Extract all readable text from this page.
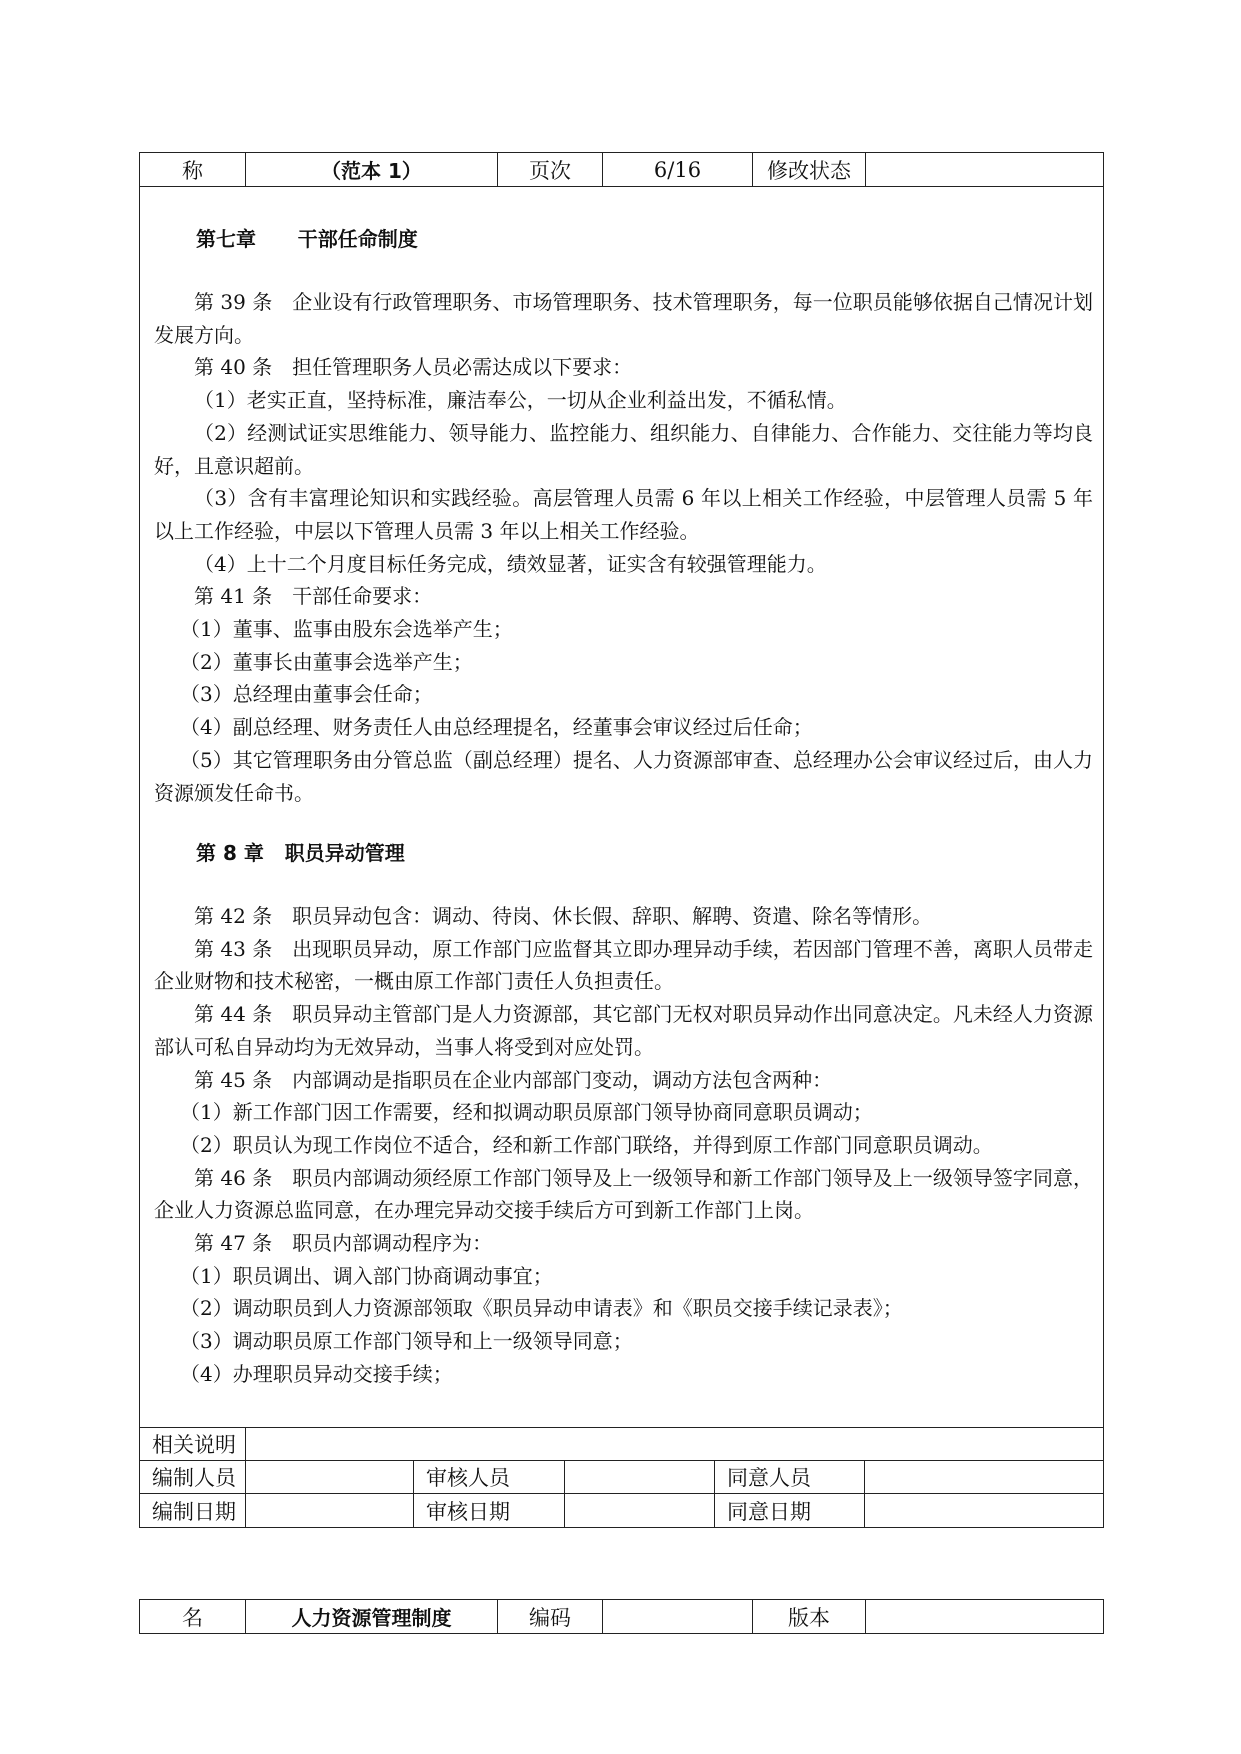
称	（范本 1）	页次	6/16	修改状态
第七章 干部任命制度

第 39 条　企业设有行政管理职务、市场管理职务、技术管理职务，每一位职员能够依据自己情况计划发展方向。

第 40 条　担任管理职务人员必需达成以下要求：

（1）老实正直，坚持标准，廉洁奉公，一切从企业利益出发，不循私情。

（2）经测试证实思维能力、领导能力、监控能力、组织能力、自律能力、合作能力、交往能力等均良好，且意识超前。

（3）含有丰富理论知识和实践经验。高层管理人员需 6 年以上相关工作经验，中层管理人员需 5 年以上工作经验，中层以下管理人员需 3 年以上相关工作经验。

（4）上十二个月度目标任务完成，绩效显著，证实含有较强管理能力。

第 41 条　干部任命要求：

（1）董事、监事由股东会选举产生；

（2）董事长由董事会选举产生；

（3）总经理由董事会任命；

（4）副总经理、财务责任人由总经理提名，经董事会审议经过后任命；

（5）其它管理职务由分管总监（副总经理）提名、人力资源部审查、总经理办公会审议经过后，由人力资源颁发任命书。

第 8 章 职员异动管理

第 42 条　职员异动包含：调动、待岗、休长假、辞职、解聘、资遣、除名等情形。

第 43 条　出现职员异动，原工作部门应监督其立即办理异动手续，若因部门管理不善，离职人员带走企业财物和技术秘密，一概由原工作部门责任人负担责任。

第 44 条　职员异动主管部门是人力资源部，其它部门无权对职员异动作出同意决定。凡未经人力资源部认可私自异动均为无效异动，当事人将受到对应处罚。

第 45 条　内部调动是指职员在企业内部部门变动，调动方法包含两种：

（1）新工作部门因工作需要，经和拟调动职员原部门领导协商同意职员调动；

（2）职员认为现工作岗位不适合，经和新工作部门联络，并得到原工作部门同意职员调动。

第 46 条　职员内部调动须经原工作部门领导及上一级领导和新工作部门领导及上一级领导签字同意，企业人力资源总监同意，在办理完异动交接手续后方可到新工作部门上岗。

第 47 条　职员内部调动程序为：

（1）职员调出、调入部门协商调动事宜；

（2）调动职员到人力资源部领取《职员异动申请表》和《职员交接手续记录表》；

（3）调动职员原工作部门领导和上一级领导同意；

（4）办理职员异动交接手续；

相关说明
编制人员	审核人员	同意人员
编制日期	审核日期	同意日期
名	人力资源管理制度	编码	版本
